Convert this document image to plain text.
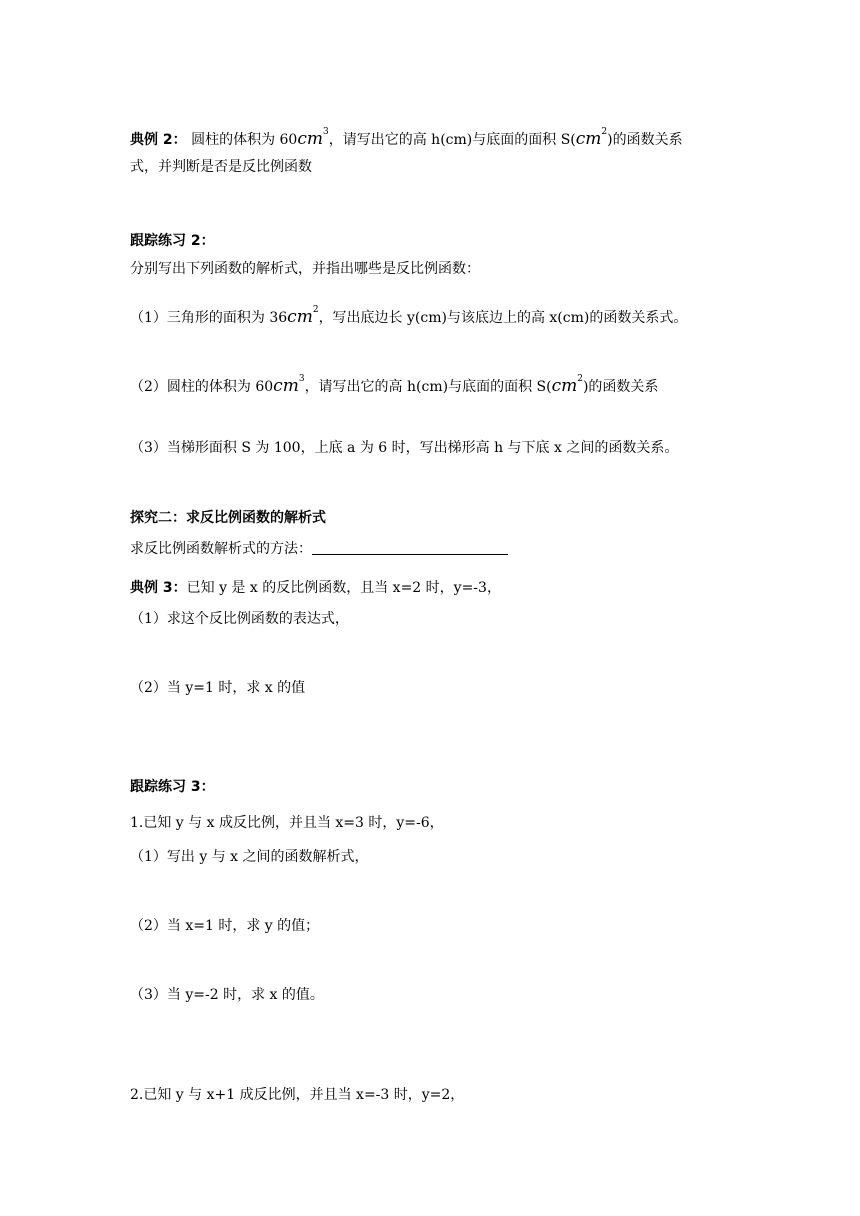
典例 2： 圆柱的体积为 $60cm^3$，请写出它的高 h(cm)与底面的面积 $S(cm^2)$的函数关系
式，并判断是否是反比例函数
跟踪练习 2：
分别写出下列函数的解析式，并指出哪些是反比例函数：
（1）三角形的面积为 $36cm^2$，写出底边长 y(cm)与该底边上的高 x(cm)的函数关系式。
（2）圆柱的体积为 $60cm^3$，请写出它的高 h(cm)与底面的面积 $S(cm^2)$的函数关系
（3）当梯形面积 S 为 100，上底 a 为 6 时，写出梯形高 h 与下底 x 之间的函数关系。
探究二：求反比例函数的解析式
求反比例函数解析式的方法：
典例 3：已知 y 是 x 的反比例函数，且当 x=2 时，y=-3，
（1）求这个反比例函数的表达式，
（2）当 y=1 时，求 x 的值
跟踪练习 3：
1.已知 y 与 x 成反比例，并且当 x=3 时，y=-6，
（1）写出 y 与 x 之间的函数解析式，
（2）当 x=1 时，求 y 的值；
（3）当 y=-2 时，求 x 的值。
2.已知 y 与 x+1 成反比例，并且当 x=-3 时，y=2，
